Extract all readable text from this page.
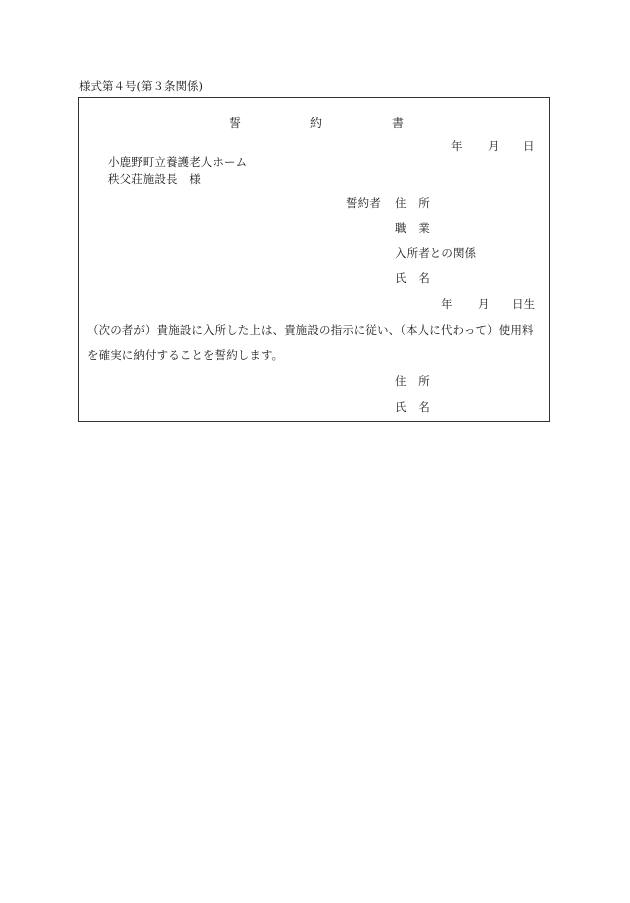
様式第４号(第３条関係)
誓	約	書
年 月 日
小鹿野町立養護老人ホーム
秩父荘施設長　様
誓約者 住　所
職　業
入所者との関係
氏　名
年 月 日生
（次の者が）貴施設に入所した上は、貴施設の指示に従い、（本人に代わって）使用料
を確実に納付することを誓約します。
住　所
氏　名
